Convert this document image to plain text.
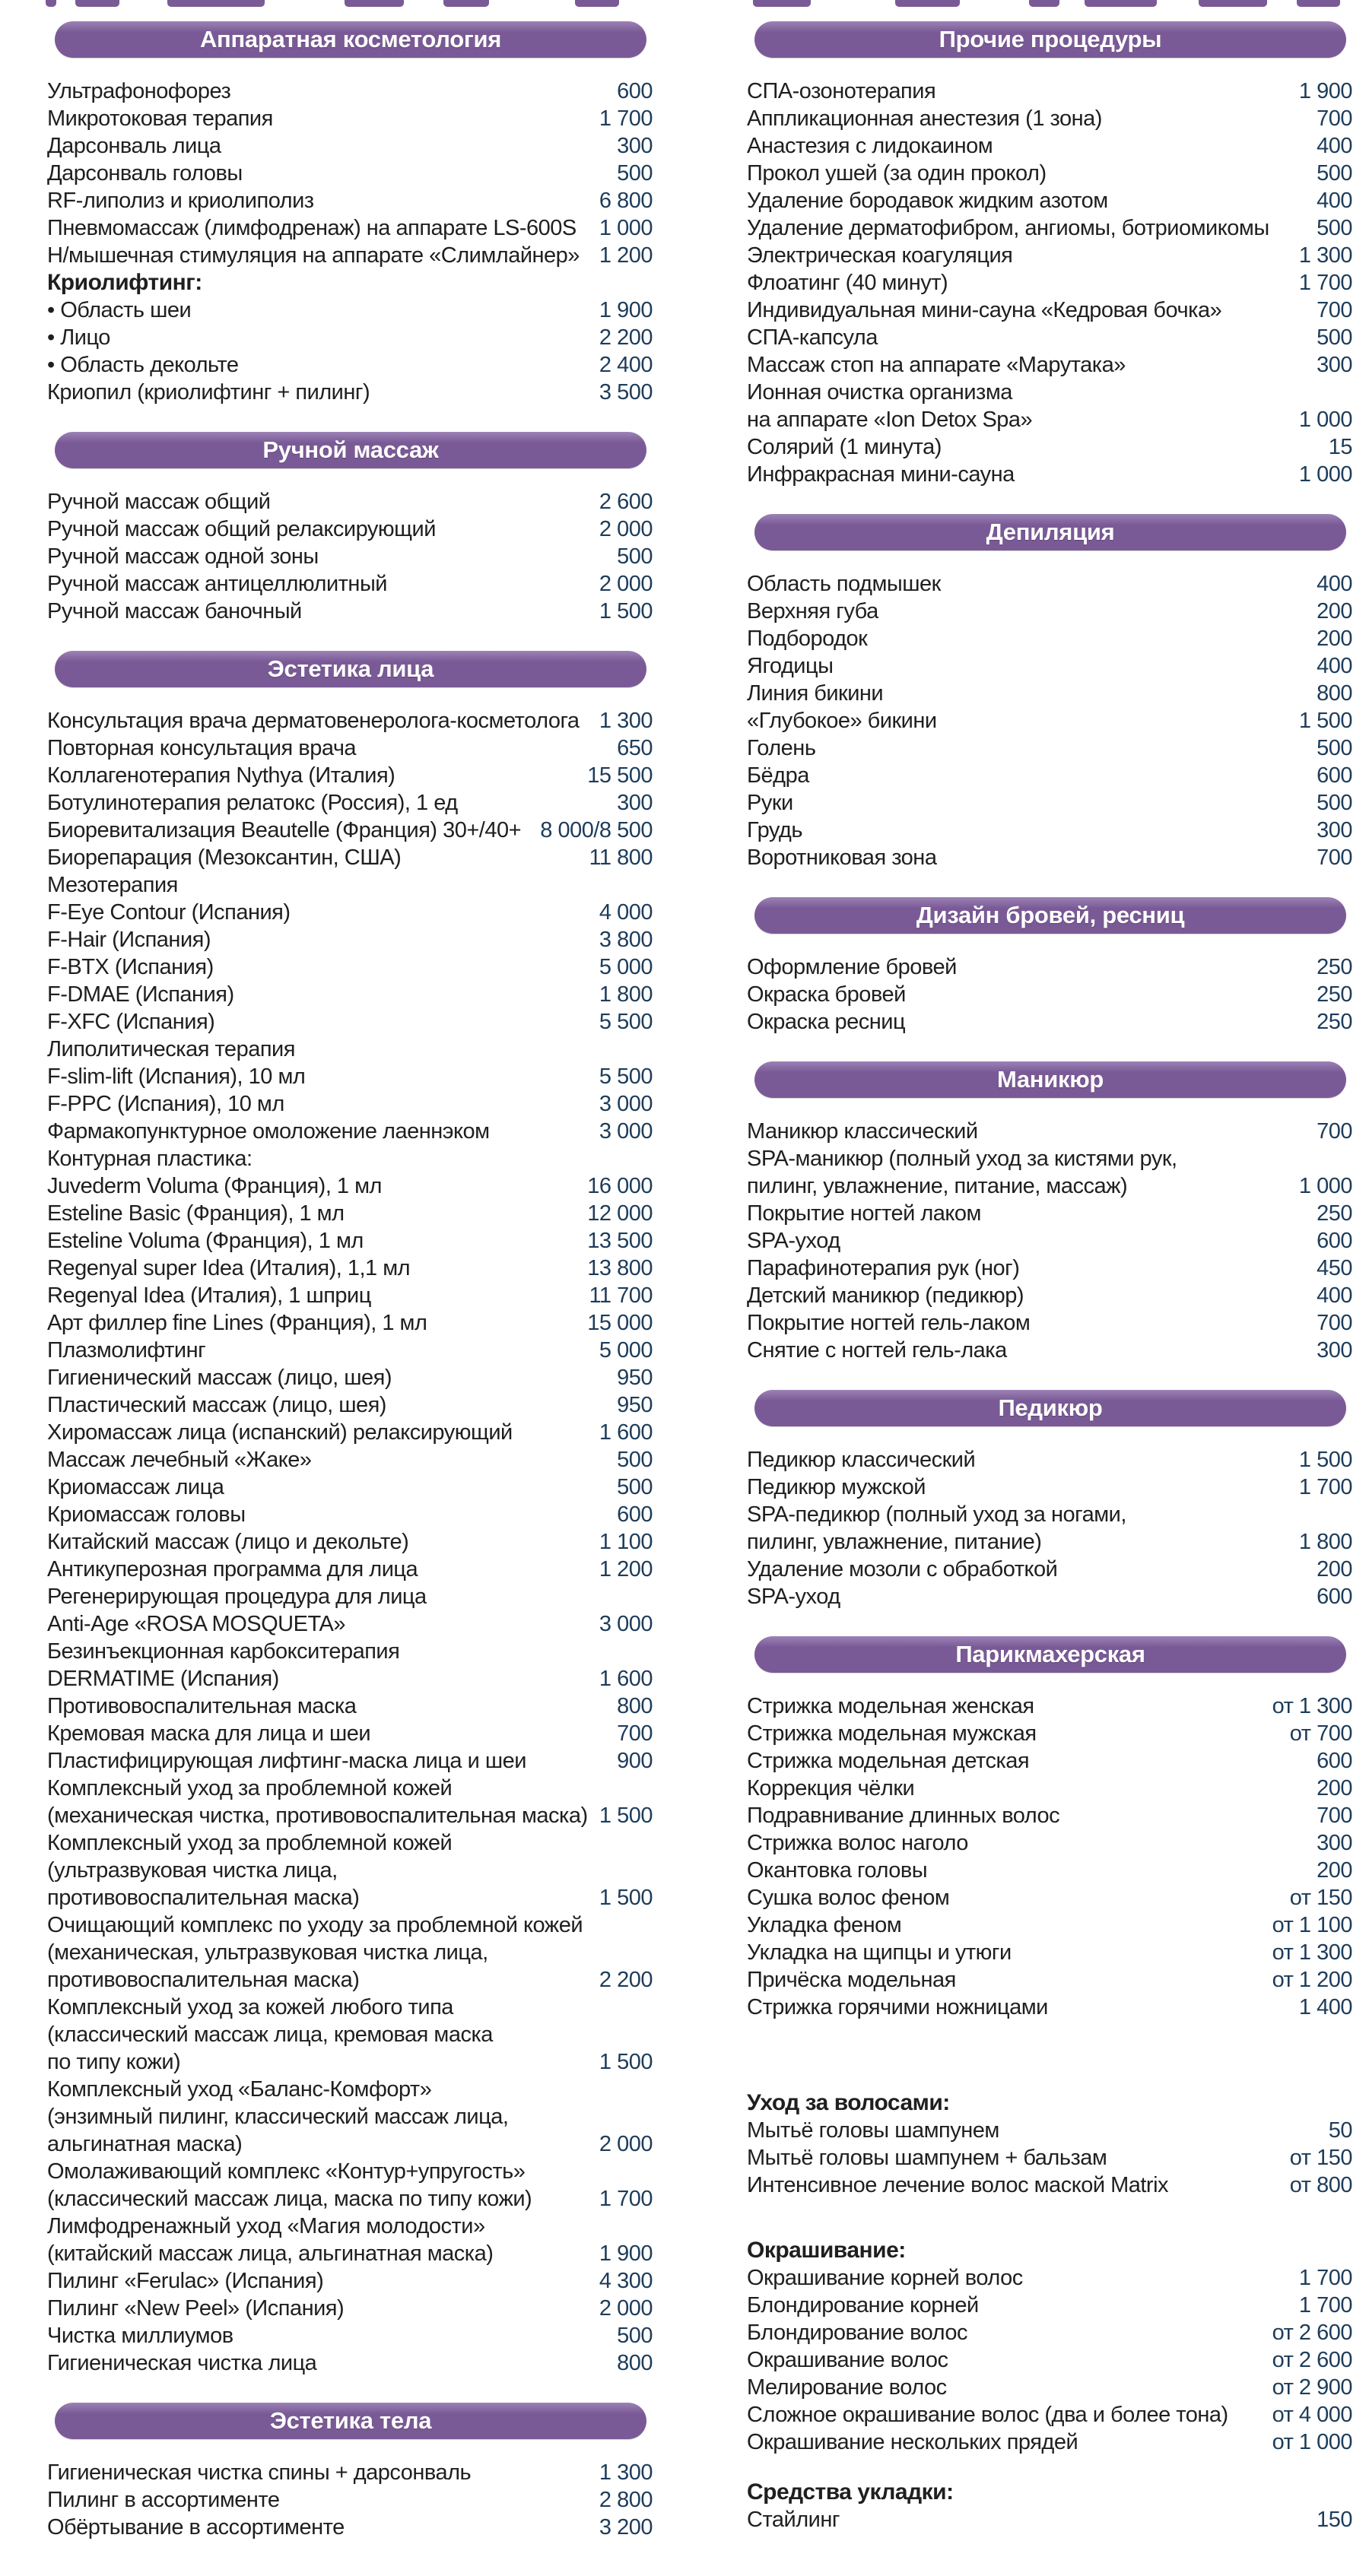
Аппаратная косметология
Ультрафонофорез	600
Микротоковая терапия	1 700
Дарсонваль лица	300
Дарсонваль головы	500
RF-липолиз и криолиполиз	6 800
Пневмомассаж (лимфодренаж) на аппарате LS-600S 1 000
Н/мышечная стимуляция на аппарате «Слимлайнер» 1 200
Криолифтинг:
• Область шеи	1 900
• Лицо	2 200
• Область декольте	2 400
Криопил (криолифтинг + пилинг)	3 500
Ручной массаж
Ручной массаж общий	2 600
Ручной массаж общий релаксирующий	2 000
Ручной массаж одной зоны	500
Ручной массаж антицеллюлитный	2 000
Ручной массаж баночный	1 500
Эстетика лица
Консультация врача дерматовенеролога-косметолога 1 300
Повторная консультация врача	650
Коллагенотерапия Nythya (Италия)	15 500
Ботулинотерапия релатокс (Россия), 1 ед	300
Биоревитализация Beautelle (Франция) 30+/40+ 8 000/8 500
Биорепарация (Мезоксантин, США)	11 800
Мезотерапия
F-Eye Contour (Испания)	4 000
F-Hair (Испания)	3 800
F-BTX (Испания)	5 000
F-DMAE (Испания)	1 800
F-XFC (Испания)	5 500
Липолитическая терапия
F-slim-lift (Испания), 10 мл	5 500
F-PPC (Испания), 10 мл	3 000
Фармакопунктурное омоложение лаеннэком	3 000
Контурная пластика:
Juvederm Voluma (Франция), 1 мл	16 000
Esteline Basic (Франция), 1 мл	12 000
Esteline Voluma (Франция), 1 мл	13 500
Regenyal super Idea (Италия), 1,1 мл	13 800
Regenyal Idea (Италия), 1 шприц	11 700
Арт филлер fine Lines (Франция), 1 мл	15 000
Плазмолифтинг	5 000
Гигиенический массаж (лицо, шея)	950
Пластический массаж (лицо, шея)	950
Хиромассаж лица (испанский) релаксирующий	1 600
Массаж лечебный «Жаке»	500
Криомассаж лица	500
Криомассаж головы	600
Китайский массаж (лицо и декольте)	1 100
Антикуперозная программа для лица	1 200
Регенерирующая процедура для лица
Anti-Age «ROSA MOSQUETA»	3 000
Безинъекционная карбокситерапия
DERMATIME (Испания)	1 600
Противовоспалительная маска	800
Кремовая маска для лица и шеи	700
Пластифицирующая лифтинг-маска лица и шеи	900
Комплексный уход за проблемной кожей
(механическая чистка, противовоспалительная маска) 1 500
Комплексный уход за проблемной кожей
(ультразвуковая чистка лица,
противовоспалительная маска)	1 500
Очищающий комплекс по уходу за проблемной кожей
(механическая, ультразвуковая чистка лица,
противовоспалительная маска)	2 200
Комплексный уход за кожей любого типа
(классический массаж лица, кремовая маска
по типу кожи)	1 500
Комплексный уход «Баланс-Комфорт»
(энзимный пилинг, классический массаж лица,
альгинатная маска)	2 000
Омолаживающий комплекс «Контур+упругость»
(классический массаж лица, маска по типу кожи)	1 700
Лимфодренажный уход «Магия молодости»
(китайский массаж лица, альгинатная маска)	1 900
Пилинг «Ferulac» (Испания)	4 300
Пилинг «New Peel» (Испания)	2 000
Чистка миллиумов	500
Гигиеническая чистка лица	800
Эстетика тела
Гигиеническая чистка спины + дарсонваль	1 300
Пилинг в ассортименте	2 800
Обёртывание в ассортименте	3 200
Прочие процедуры
СПА-озонотерапия	1 900
Аппликационная анестезия (1 зона)	700
Анастезия с лидокаином	400
Прокол ушей (за один прокол)	500
Удаление бородавок жидким азотом	400
Удаление дерматофибром, ангиомы, ботриомикомы 500
Электрическая коагуляция	1 300
Флоатинг (40 минут)	1 700
Индивидуальная мини-сауна «Кедровая бочка»	700
СПА-капсула	500
Массаж стоп на аппарате «Марутака»	300
Ионная очистка организма
на аппарате «Ion Detox Spa»	1 000
Солярий (1 минута)	15
Инфракрасная мини-сауна	1 000
Депиляция
Область подмышек	400
Верхняя губа	200
Подбородок	200
Ягодицы	400
Линия бикини	800
«Глубокое» бикини	1 500
Голень	500
Бёдра	600
Руки	500
Грудь	300
Воротниковая зона	700
Дизайн бровей, ресниц
Оформление бровей	250
Окраска бровей	250
Окраска ресниц	250
Маникюр
Маникюр классический	700
SPA-маникюр (полный уход за кистями рук,
пилинг, увлажнение, питание, массаж)	1 000
Покрытие ногтей лаком	250
SPA-уход	600
Парафинотерапия рук (ног)	450
Детский маникюр (педикюр)	400
Покрытие ногтей гель-лаком	700
Снятие с ногтей гель-лака	300
Педикюр
Педикюр классический	1 500
Педикюр мужской	1 700
SPA-педикюр (полный уход за ногами,
пилинг, увлажнение, питание)	1 800
Удаление мозоли с обработкой	200
SPA-уход	600
Парикмахерская
Стрижка модельная женская	от 1 300
Стрижка модельная мужская	от 700
Стрижка модельная детская	600
Коррекция чёлки	200
Подравнивание длинных волос	700
Стрижка волос наголо	300
Окантовка головы	200
Сушка волос феном	от 150
Укладка феном	от 1 100
Укладка на щипцы и утюги	от 1 300
Причёска модельная	от 1 200
Стрижка горячими ножницами	1 400
Уход за волосами:
Мытьё головы шампунем	50
Мытьё головы шампунем + бальзам	от 150
Интенсивное лечение волос маской Matrix	от 800
Окрашивание:
Окрашивание корней волос	1 700
Блондирование корней	1 700
Блондирование волос	от 2 600
Окрашивание волос	от 2 600
Мелирование волос	от 2 900
Сложное окрашивание волос (два и более тона) от 4 000
Окрашивание нескольких прядей	от 1 000
Средства укладки:
Стайлинг	150
